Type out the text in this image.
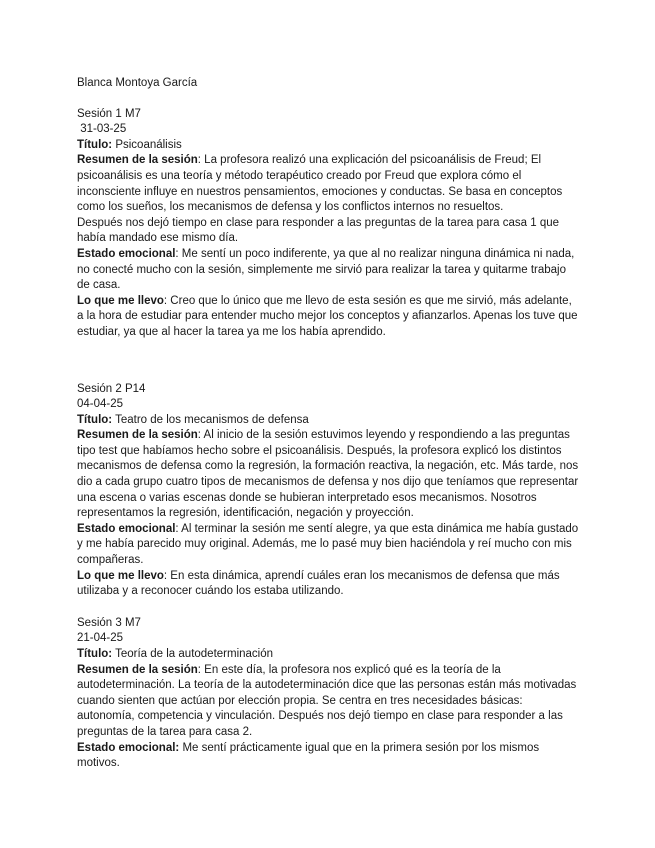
Blanca Montoya García

Sesión 1 M7

31-03-25

Título: Psicoanálisis

Resumen de la sesión: La profesora realizó una explicación del psicoanálisis de Freud; El psicoanálisis es una teoría y método terapéutico creado por Freud que explora cómo el inconsciente influye en nuestros pensamientos, emociones y conductas. Se basa en conceptos como los sueños, los mecanismos de defensa y los conflictos internos no resueltos.

Después nos dejó tiempo en clase para responder a las preguntas de la tarea para casa 1 que había mandado ese mismo día.

Estado emocional: Me sentí un poco indiferente, ya que al no realizar ninguna dinámica ni nada, no conecté mucho con la sesión, simplemente me sirvió para realizar la tarea y quitarme trabajo de casa.

Lo que me llevo: Creo que lo único que me llevo de esta sesión es que me sirvió, más adelante, a la hora de estudiar para entender mucho mejor los conceptos y afianzarlos. Apenas los tuve que estudiar, ya que al hacer la tarea ya me los había aprendido.

Sesión 2 P14

04-04-25

Título: Teatro de los mecanismos de defensa

Resumen de la sesión: Al inicio de la sesión estuvimos leyendo y respondiendo a las preguntas tipo test que habíamos hecho sobre el psicoanálisis. Después, la profesora explicó los distintos mecanismos de defensa como la regresión, la formación reactiva, la negación, etc. Más tarde, nos dio a cada grupo cuatro tipos de mecanismos de defensa y nos dijo que teníamos que representar una escena o varias escenas donde se hubieran interpretado esos mecanismos. Nosotros representamos la regresión, identificación, negación y proyección.

Estado emocional: Al terminar la sesión me sentí alegre, ya que esta dinámica me había gustado y me había parecido muy original. Además, me lo pasé muy bien haciéndola y reí mucho con mis compañeras.

Lo que me llevo: En esta dinámica, aprendí cuáles eran los mecanismos de defensa que más utilizaba y a reconocer cuándo los estaba utilizando.

Sesión 3 M7

21-04-25

Título: Teoría de la autodeterminación

Resumen de la sesión: En este día, la profesora nos explicó qué es la teoría de la autodeterminación. La teoría de la autodeterminación dice que las personas están más motivadas cuando sienten que actúan por elección propia. Se centra en tres necesidades básicas: autonomía, competencia y vinculación. Después nos dejó tiempo en clase para responder a las preguntas de la tarea para casa 2.

Estado emocional: Me sentí prácticamente igual que en la primera sesión por los mismos motivos.
